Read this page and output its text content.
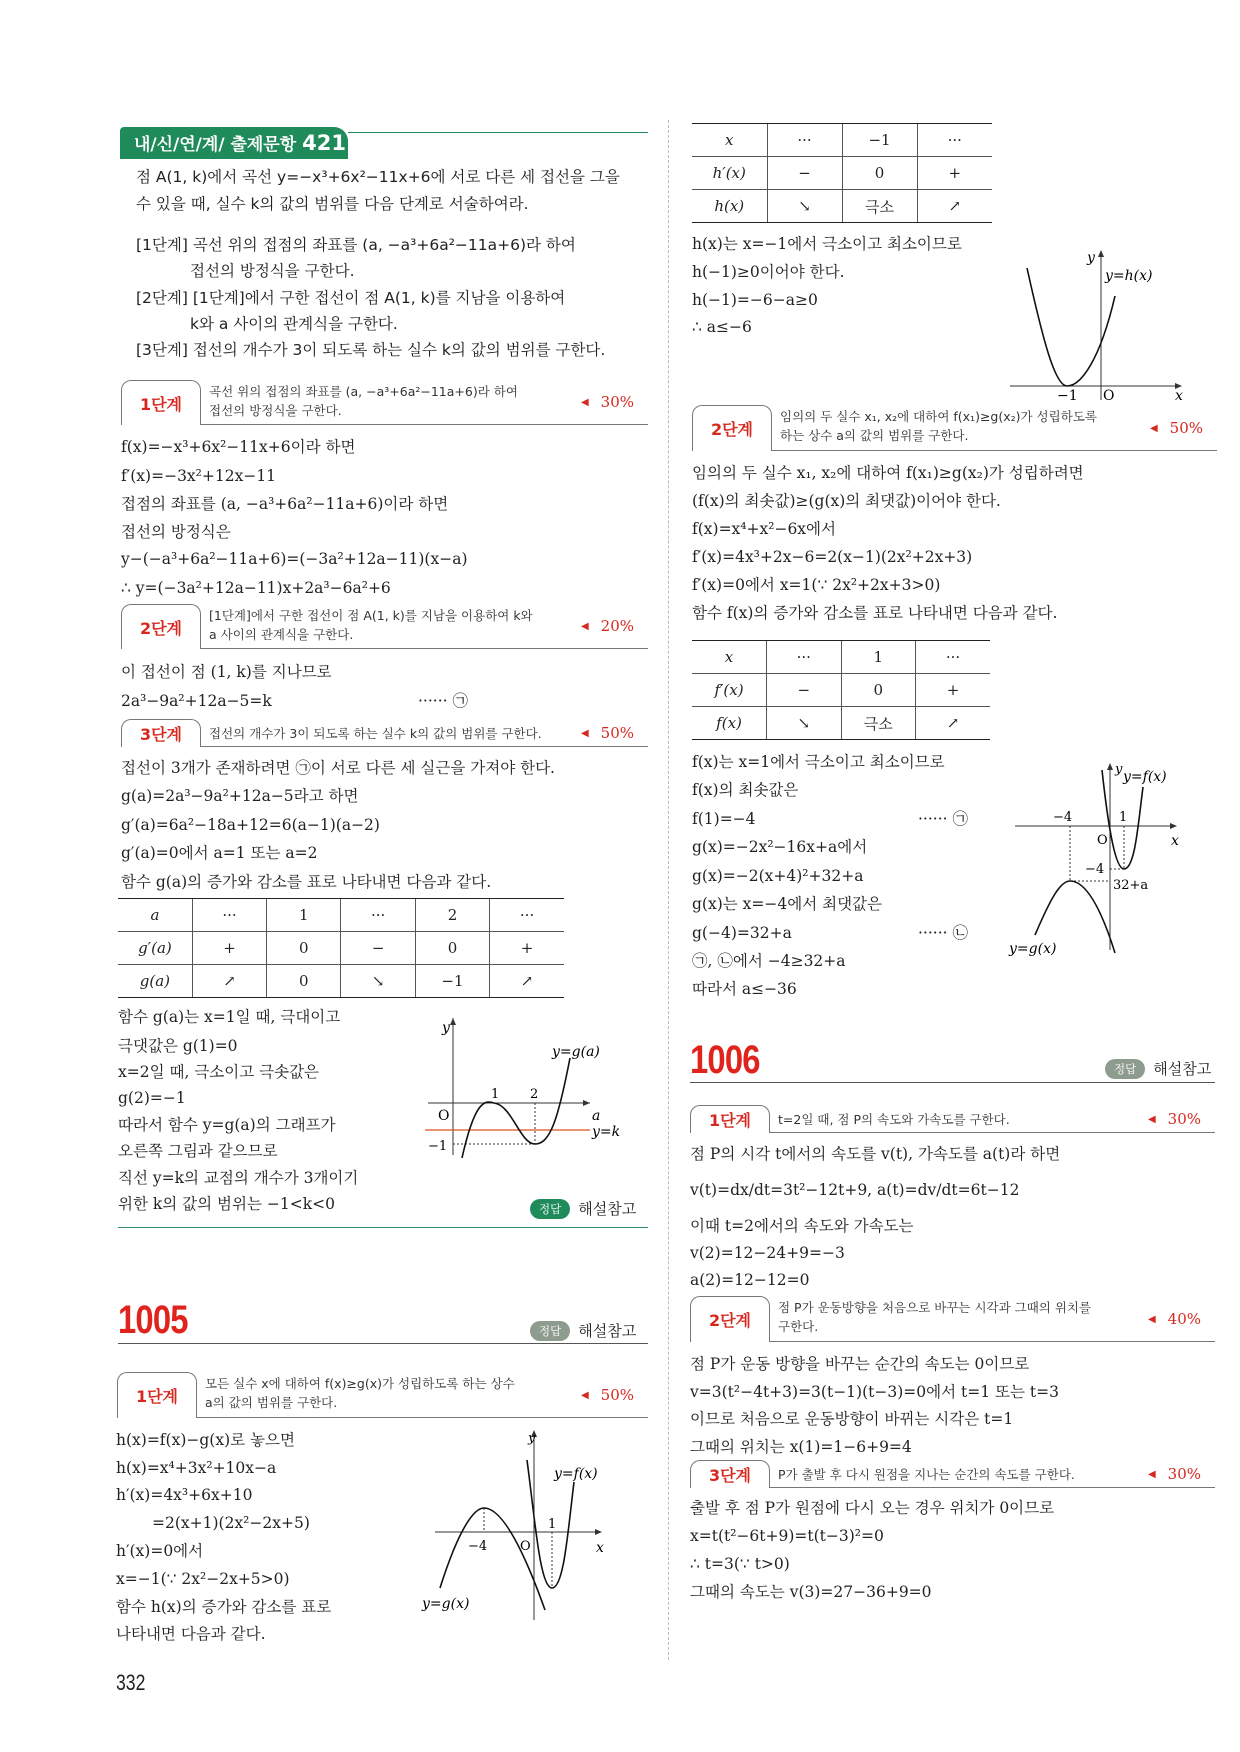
내/신/연/계/ 출제문항 421
점 A(1, k)에서 곡선 y=−x³+6x²−11x+6에 서로 다른 세 접선을 그을
수 있을 때, 실수 k의 값의 범위를 다음 단계로 서술하여라.
[1단계] 곡선 위의 접점의 좌표를 (a, −a³+6a²−11a+6)라 하여
접선의 방정식을 구한다.
[2단계] [1단계]에서 구한 접선이 점 A(1, k)를 지남을 이용하여
k와 a 사이의 관계식을 구한다.
[3단계] 접선의 개수가 3이 되도록 하는 실수 k의 값의 범위를 구한다.
1단계
곡선 위의 접점의 좌표를 (a, −a³+6a²−11a+6)라 하여
접선의 방정식을 구한다.	◀ 30%
f(x)=−x³+6x²−11x+6이라 하면
f′(x)=−3x²+12x−11
접점의 좌표를 (a, −a³+6a²−11a+6)이라 하면
접선의 방정식은
y−(−a³+6a²−11a+6)=(−3a²+12a−11)(x−a)
∴ y=(−3a²+12a−11)x+2a³−6a²+6
2단계
[1단계]에서 구한 접선이 점 A(1, k)를 지남을 이용하여 k와
a 사이의 관계식을 구한다.	◀ 20%
이 접선이 점 (1, k)를 지나므로
2a³−9a²+12a−5=k	······ ㉠
3단계	접선의 개수가 3이 되도록 하는 실수 k의 값의 범위를 구한다.	◀ 50%
접선이 3개가 존재하려면 ㉠이 서로 다른 세 실근을 가져야 한다.
g(a)=2a³−9a²+12a−5라고 하면
g′(a)=6a²−18a+12=6(a−1)(a−2)
g′(a)=0에서 a=1 또는 a=2
함수 g(a)의 증가와 감소를 표로 나타내면 다음과 같다.
a	···	1	···	2	···
g′(a)	+	0	−	0	+
g(a)	↗	0	↘	−1	↗
함수 g(a)는 x=1일 때, 극대이고
극댓값은 g(1)=0
x=2일 때, 극소이고 극솟값은
g(2)=−1
따라서 함수 y=g(a)의 그래프가
오른쪽 그림과 같으므로
직선 y=k의 교점의 개수가 3개이기
위한 k의 값의 범위는 −1<k<0
y
a
O
1 2
−1
y=g(a)
y=k
정답	해설참고
1005	정답	해설참고
1단계
모든 실수 x에 대하여 f(x)≥g(x)가 성립하도록 하는 상수
a의 값의 범위를 구한다.	◀ 50%
h(x)=f(x)−g(x)로 놓으면
h(x)=x⁴+3x²+10x−a
h′(x)=4x³+6x+10
=2(x+1)(2x²−2x+5)
h′(x)=0에서
x=−1(∵ 2x²−2x+5>0)
함수 h(x)의 증가와 감소를 표로
나타내면 다음과 같다.
y
x
O
−4
1
y=f(x)
y=g(x)
332
x	···	−1	···
h′(x)	−	0	+
h(x)	↘	극소	↗
h(x)는 x=−1에서 극소이고 최소이므로
h(−1)≥0이어야 한다.
h(−1)=−6−a≥0
∴ a≤−6
y
x
O
−1
y=h(x)
2단계
임의의 두 실수 x₁, x₂에 대하여 f(x₁)≥g(x₂)가 성립하도록
하는 상수 a의 값의 범위를 구한다.	◀ 50%
임의의 두 실수 x₁, x₂에 대하여 f(x₁)≥g(x₂)가 성립하려면
(f(x)의 최솟값)≥(g(x)의 최댓값)이어야 한다.
f(x)=x⁴+x²−6x에서
f′(x)=4x³+2x−6=2(x−1)(2x²+2x+3)
f′(x)=0에서 x=1(∵ 2x²+2x+3>0)
함수 f(x)의 증가와 감소를 표로 나타내면 다음과 같다.
x	···	1	···
f′(x)	−	0	+
f(x)	↘	극소	↗
f(x)는 x=1에서 극소이고 최소이므로
f(x)의 최솟값은
f(1)=−4	······ ㉠
g(x)=−2x²−16x+a에서
g(x)=−2(x+4)²+32+a
g(x)는 x=−4에서 최댓값은
g(−4)=32+a	······ ㉡
㉠, ㉡에서 −4≥32+a
따라서 a≤−36
y
x
O
−4	1
−4
32+a
y=f(x)
y=g(x)
1006	정답	해설참고
1단계	t=2일 때, 점 P의 속도와 가속도를 구한다.	◀ 30%
점 P의 시각 t에서의 속도를 v(t), 가속도를 a(t)라 하면
v(t)=dx/dt=3t²−12t+9, a(t)=dv/dt=6t−12
이때 t=2에서의 속도와 가속도는
v(2)=12−24+9=−3
a(2)=12−12=0
2단계
점 P가 운동방향을 처음으로 바꾸는 시각과 그때의 위치를
구한다.	◀ 40%
점 P가 운동 방향을 바꾸는 순간의 속도는 0이므로
v=3(t²−4t+3)=3(t−1)(t−3)=0에서 t=1 또는 t=3
이므로 처음으로 운동방향이 바뀌는 시각은 t=1
그때의 위치는 x(1)=1−6+9=4
3단계	P가 출발 후 다시 원점을 지나는 순간의 속도를 구한다.	◀ 30%
출발 후 점 P가 원점에 다시 오는 경우 위치가 0이므로
x=t(t²−6t+9)=t(t−3)²=0
∴ t=3(∵ t>0)
그때의 속도는 v(3)=27−36+9=0
